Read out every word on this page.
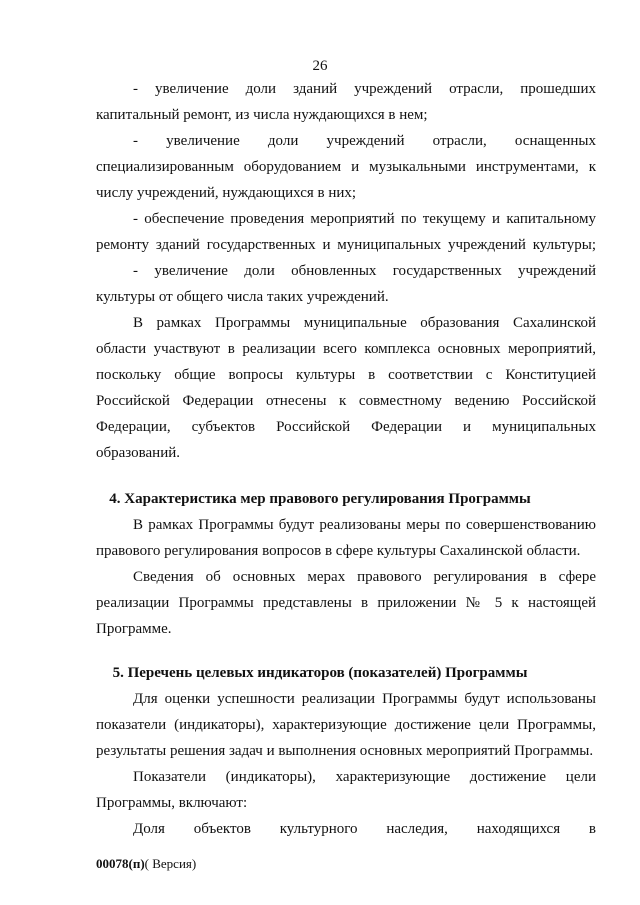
26
- увеличение доли зданий учреждений отрасли, прошедших
капитальный ремонт, из числа нуждающихся в нем;
- увеличение доли учреждений отрасли, оснащенных
специализированным оборудованием и музыкальными инструментами, к
числу учреждений, нуждающихся в них;
- обеспечение проведения мероприятий по текущему и капитальному
ремонту зданий государственных и муниципальных учреждений культуры;
- увеличение доли обновленных государственных учреждений
культуры от общего числа таких учреждений.
В рамках Программы муниципальные образования Сахалинской
области участвуют в реализации всего комплекса основных мероприятий,
поскольку общие вопросы культуры в соответствии с Конституцией
Российской Федерации отнесены к совместному ведению Российской
Федерации, субъектов Российской Федерации и муниципальных
образований.
4. Характеристика мер правового регулирования Программы
В рамках Программы будут реализованы меры по совершенствованию
правового регулирования вопросов в сфере культуры Сахалинской области.
Сведения об основных мерах правового регулирования в сфере
реализации Программы представлены в приложении № 5 к настоящей
Программе.
5. Перечень целевых индикаторов (показателей) Программы
Для оценки успешности реализации Программы будут использованы
показатели (индикаторы), характеризующие достижение цели Программы,
результаты решения задач и выполнения основных мероприятий Программы.
Показатели (индикаторы), характеризующие достижение цели
Программы, включают:
Доля объектов культурного наследия, находящихся в
00078(п)( Версия)
